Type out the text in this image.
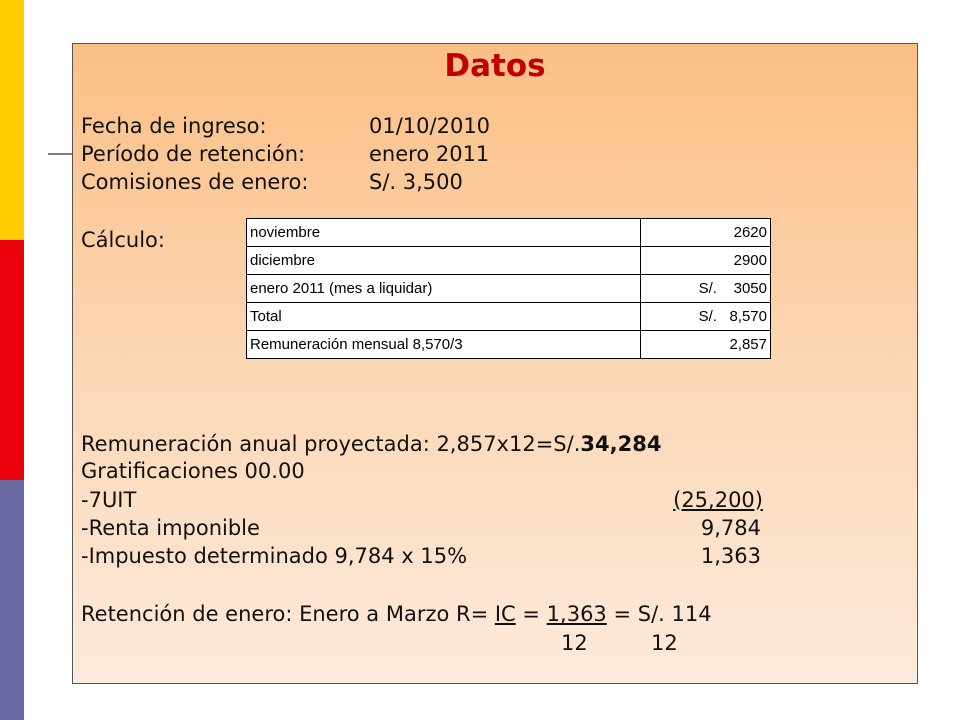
Datos
Fecha de ingreso:	01/10/2010
Período de retención:	enero 2011
Comisiones de enero:	S/. 3,500
Cálculo:	noviembre	2620
diciembre	2900
enero 2011 (mes a liquidar)	S/. 3050
Total	S/. 8,570
Remuneración mensual 8,570/3	2,857
Remuneración anual proyectada: 2,857x12=S/.34,284
Gratificaciones 00.00
-7UIT	(25,200)
-Renta imponible	9,784
-Impuesto determinado 9,784 x 15%	1,363
Retención de enero: Enero a Marzo R= IC = 1,363 = S/. 114
12	12
